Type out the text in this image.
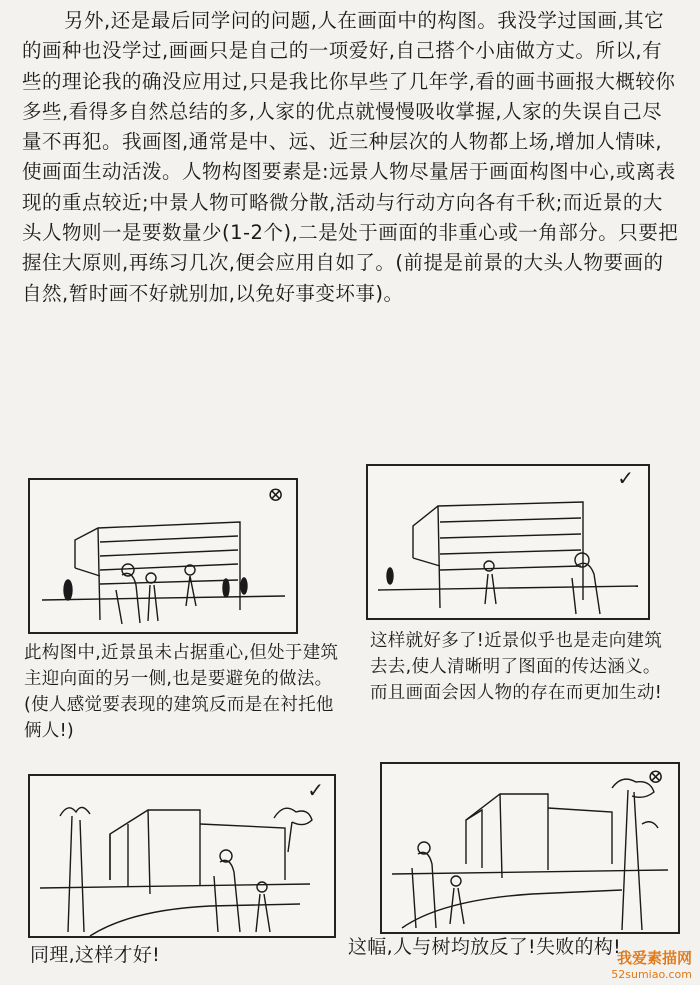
另外,还是最后同学问的问题,人在画面中的构图。我没学过国画,其它的画种也没学过,画画只是自己的一项爱好,自己搭个小庙做方丈。所以,有些的理论我的确没应用过,只是我比你早些了几年学,看的画书画报大概较你多些,看得多自然总结的多,人家的优点就慢慢吸收掌握,人家的失误自己尽量不再犯。我画图,通常是中、远、近三种层次的人物都上场,增加人情味,使画面生动活泼。人物构图要素是:远景人物尽量居于画面构图中心,或离表现的重点较近;中景人物可略微分散,活动与行动方向各有千秋;而近景的大头人物则一是要数量少(1-2个),二是处于画面的非重心或一角部分。只要把握住大原则,再练习几次,便会应用自如了。(前提是前景的大头人物要画的自然,暂时画不好就别加,以免好事变坏事)。

⊗
✓

此构图中,近景虽未占据重心,但处于建筑主迎向面的另一侧,也是要避免的做法。(使人感觉要表现的建筑反而是在衬托他俩人!)

这样就好多了!近景似乎也是走向建筑去去,使人清晰明了图面的传达涵义。而且画面会因人物的存在而更加生动!

✓
⊗

同理,这样才好!	这幅,人与树均放反了!失败的构!

我爱素描网
52sumiao.com
